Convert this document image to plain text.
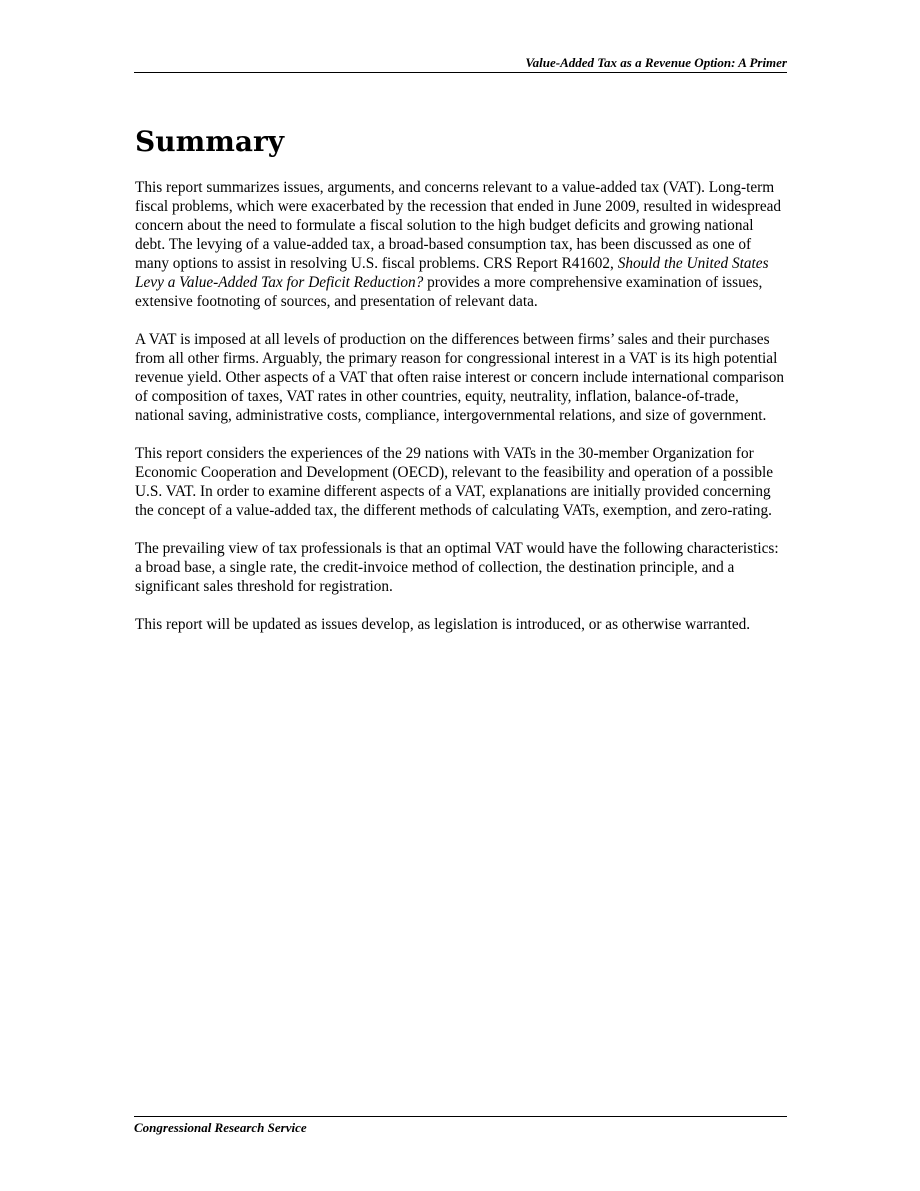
Value-Added Tax as a Revenue Option: A Primer
Summary

This report summarizes issues, arguments, and concerns relevant to a value-added tax (VAT). Long-term fiscal problems, which were exacerbated by the recession that ended in June 2009, resulted in widespread concern about the need to formulate a fiscal solution to the high budget deficits and growing national debt. The levying of a value-added tax, a broad-based consumption tax, has been discussed as one of many options to assist in resolving U.S. fiscal problems. CRS Report R41602, Should the United States Levy a Value-Added Tax for Deficit Reduction? provides a more comprehensive examination of issues, extensive footnoting of sources, and presentation of relevant data.

A VAT is imposed at all levels of production on the differences between firms’ sales and their purchases from all other firms. Arguably, the primary reason for congressional interest in a VAT is its high potential revenue yield. Other aspects of a VAT that often raise interest or concern include international comparison of composition of taxes, VAT rates in other countries, equity, neutrality, inflation, balance-of-trade, national saving, administrative costs, compliance, intergovernmental relations, and size of government.

This report considers the experiences of the 29 nations with VATs in the 30-member Organization for Economic Cooperation and Development (OECD), relevant to the feasibility and operation of a possible U.S. VAT. In order to examine different aspects of a VAT, explanations are initially provided concerning the concept of a value-added tax, the different methods of calculating VATs, exemption, and zero-rating.

The prevailing view of tax professionals is that an optimal VAT would have the following characteristics: a broad base, a single rate, the credit-invoice method of collection, the destination principle, and a significant sales threshold for registration.

This report will be updated as issues develop, as legislation is introduced, or as otherwise warranted.

Congressional Research Service
